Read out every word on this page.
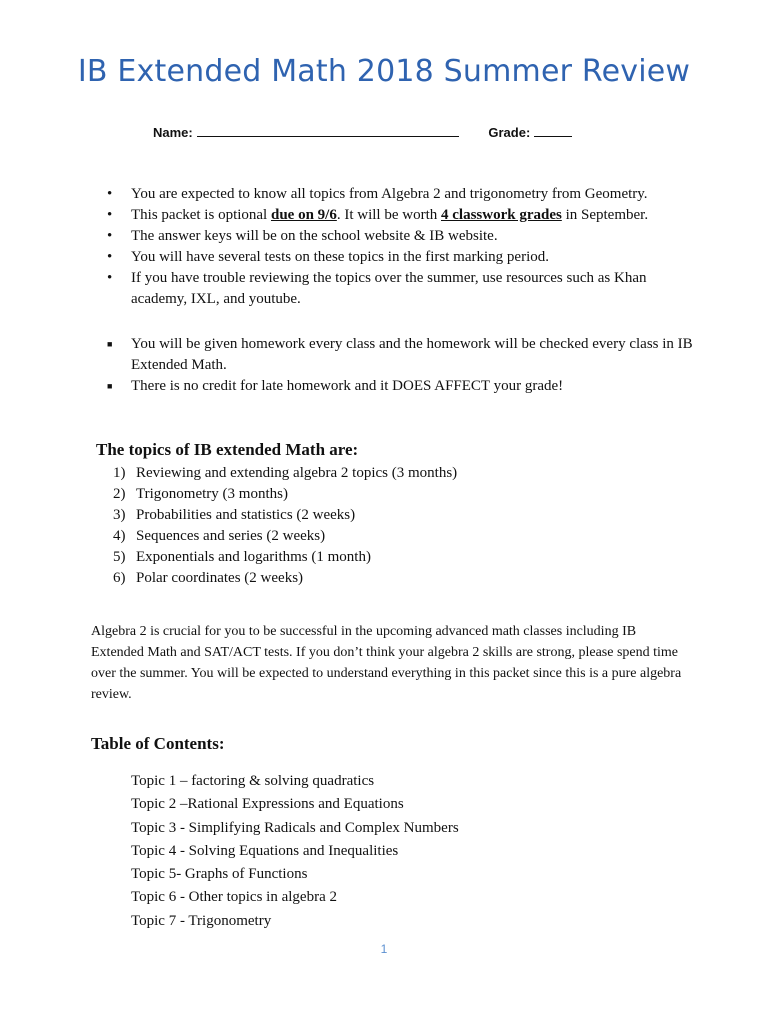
IB Extended Math 2018 Summer Review
Name:	Grade:
• You are expected to know all topics from Algebra 2 and trigonometry from Geometry.
• This packet is optional due on 9/6. It will be worth 4 classwork grades in September.
• The answer keys will be on the school website & IB website.
• You will have several tests on these topics in the first marking period.
• If you have trouble reviewing the topics over the summer, use resources such as Khan academy, IXL, and youtube.
■ You will be given homework every class and the homework will be checked every class in IB Extended Math.
■ There is no credit for late homework and it DOES AFFECT your grade!
The topics of IB extended Math are:
1) Reviewing and extending algebra 2 topics (3 months)
2) Trigonometry (3 months)
3) Probabilities and statistics (2 weeks)
4) Sequences and series (2 weeks)
5) Exponentials and logarithms (1 month)
6) Polar coordinates (2 weeks)

Algebra 2 is crucial for you to be successful in the upcoming advanced math classes including IB Extended Math and SAT/ACT tests. If you don’t think your algebra 2 skills are strong, please spend time over the summer. You will be expected to understand everything in this packet since this is a pure algebra review.

Table of Contents:
Topic 1 – factoring & solving quadratics
Topic 2 –Rational Expressions and Equations
Topic 3 - Simplifying Radicals and Complex Numbers
Topic 4 - Solving Equations and Inequalities
Topic 5- Graphs of Functions
Topic 6 - Other topics in algebra 2
Topic 7 - Trigonometry
1
